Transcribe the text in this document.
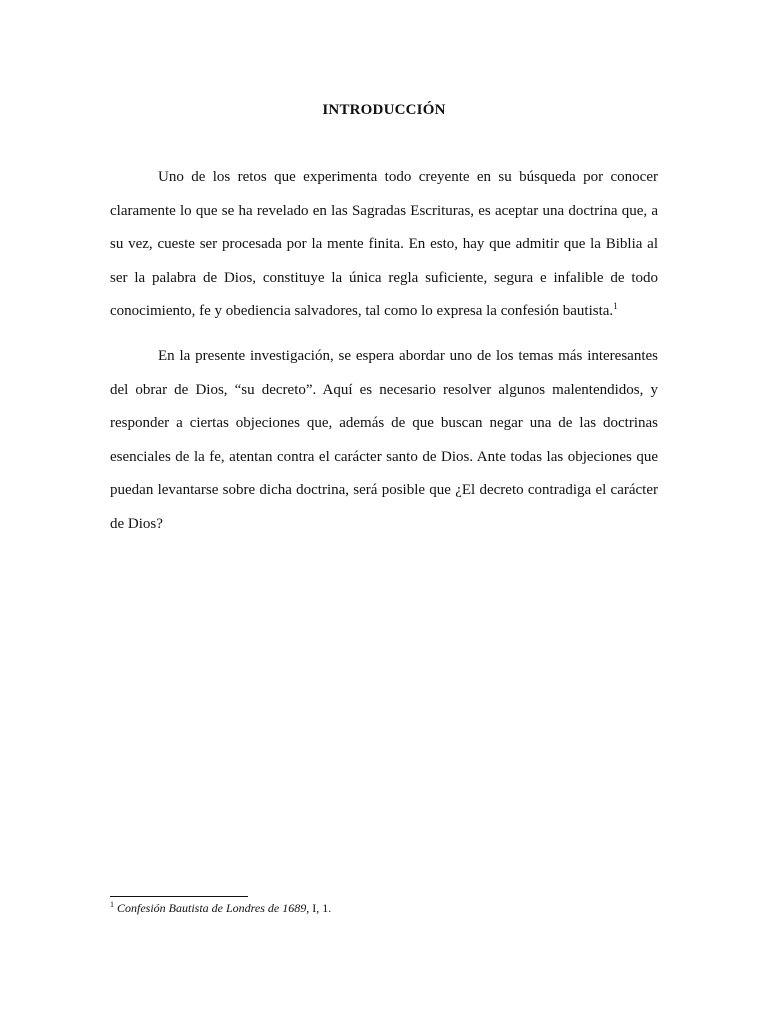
INTRODUCCIÓN

Uno de los retos que experimenta todo creyente en su búsqueda por conocer claramente lo que se ha revelado en las Sagradas Escrituras, es aceptar una doctrina que, a su vez, cueste ser procesada por la mente finita. En esto, hay que admitir que la Biblia al ser la palabra de Dios, constituye la única regla suficiente, segura e infalible de todo conocimiento, fe y obediencia salvadores, tal como lo expresa la confesión bautista.$^1$

En la presente investigación, se espera abordar uno de los temas más interesantes del obrar de Dios, “su decreto”. Aquí es necesario resolver algunos malentendidos, y responder a ciertas objeciones que, además de que buscan negar una de las doctrinas esenciales de la fe, atentan contra el carácter santo de Dios. Ante todas las objeciones que puedan levantarse sobre dicha doctrina, será posible que ¿El decreto contradiga el carácter de Dios?

$^1$ Confesión Bautista de Londres de 1689, I, 1.
